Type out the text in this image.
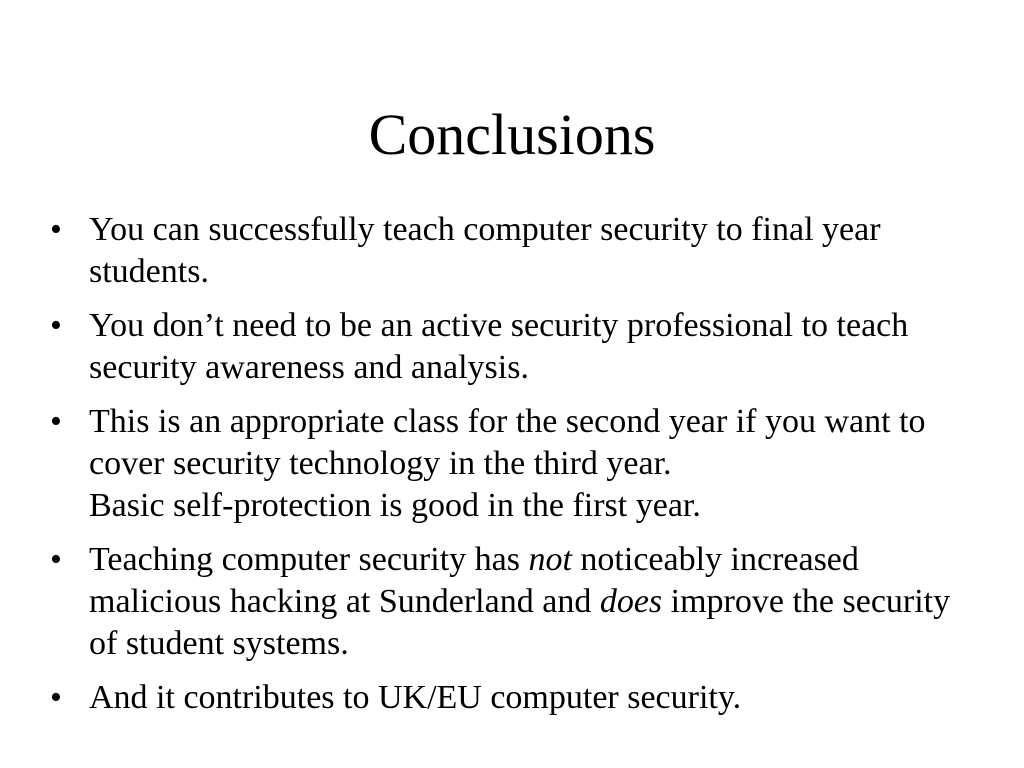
Conclusions
• You can successfully teach computer security to final year students.
• You don’t need to be an active security professional to teach security awareness and analysis.
• This is an appropriate class for the second year if you want to cover security technology in the third year.
Basic self-protection is good in the first year.
• Teaching computer security has not noticeably increased malicious hacking at Sunderland and does improve the security of student systems.
• And it contributes to UK/EU computer security.
